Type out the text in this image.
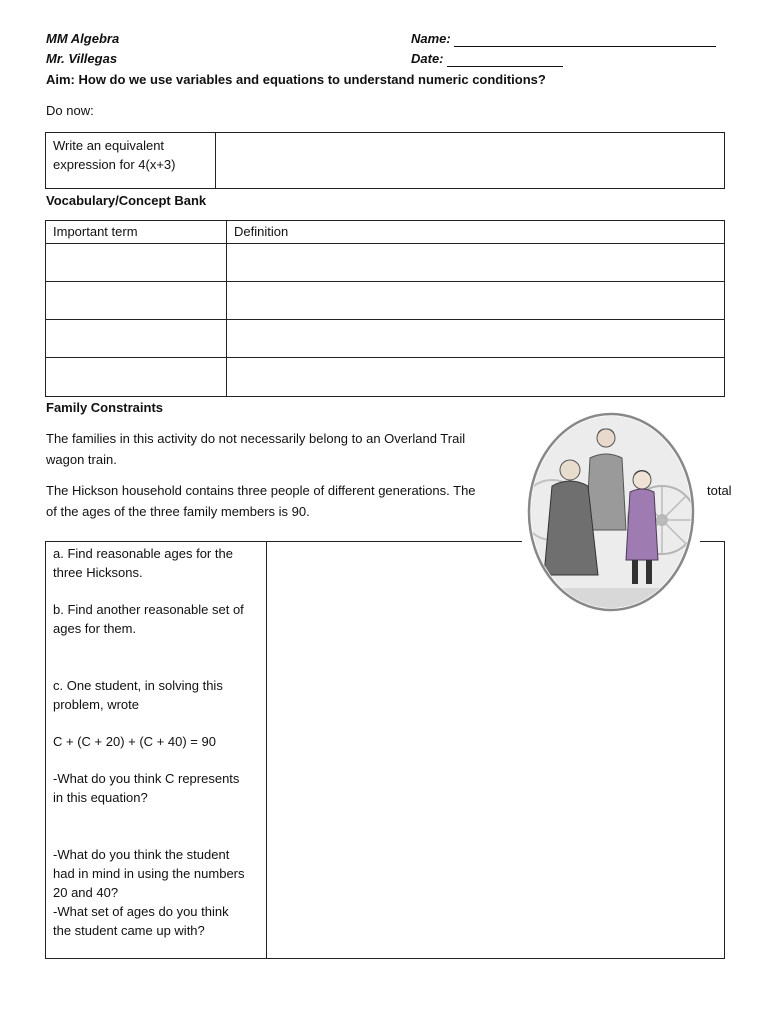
MM Algebra
Mr. Villegas
Name:
Date:
Aim: How do we use variables and equations to understand numeric conditions?
Do now:
Write an equivalent
expression for 4(x+3)

Vocabulary/Concept Bank
Important term	Definition

Family Constraints
The families in this activity do not necessarily belong to an Overland Trail
wagon train.
The Hickson household contains three people of different generations. The
of the ages of the three family members is 90.
total

a. Find reasonable ages for the

three Hicksons.

b. Find another reasonable set of

ages for them.

c. One student, in solving this

problem, wrote

C + (C + 20) + (C + 40) = 90

-What do you think C represents

in this equation?

-What do you think the student

had in mind in using the numbers

20 and 40?

-What set of ages do you think

the student came up with?
